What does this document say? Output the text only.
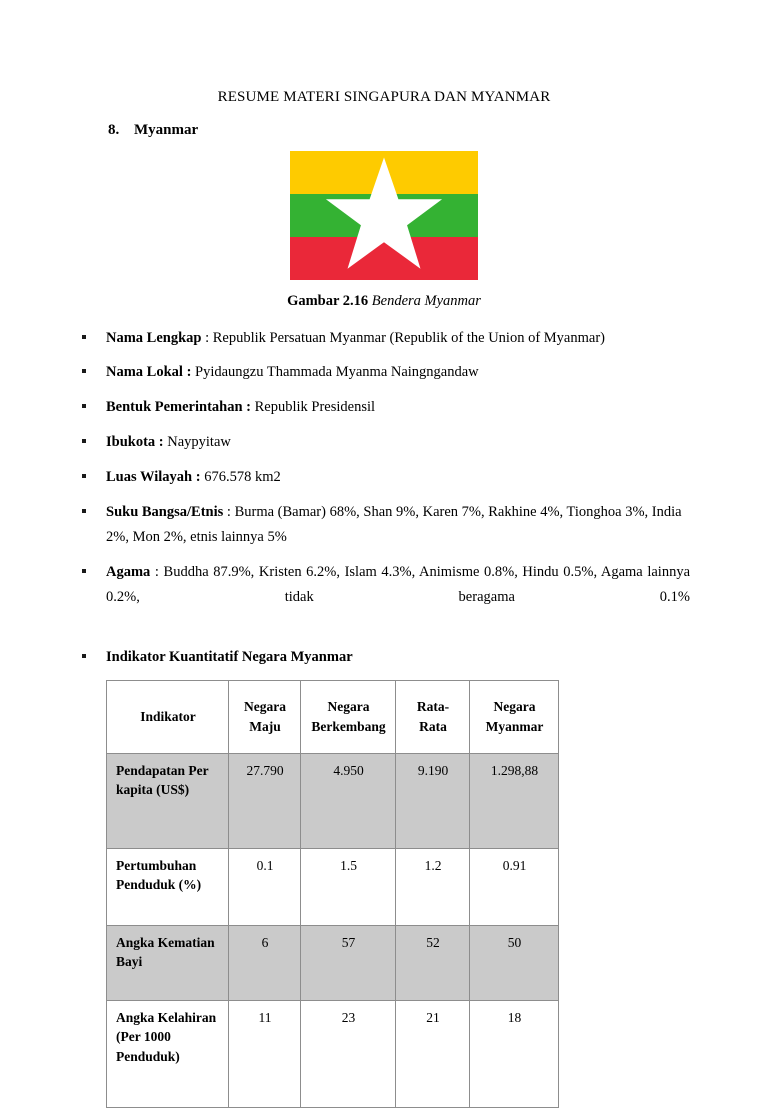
RESUME MATERI SINGAPURA DAN MYANMAR
8. Myanmar
Gambar 2.16 Bendera Myanmar
Nama Lengkap : Republik Persatuan Myanmar (Republik of the Union of Myanmar)
Nama Lokal : Pyidaungzu Thammada Myanma Naingngandaw
Bentuk Pemerintahan : Republik Presidensil
Ibukota : Naypyitaw
Luas Wilayah : 676.578 km2
Suku Bangsa/Etnis : Burma (Bamar) 68%, Shan 9%, Karen 7%, Rakhine 4%, Tionghoa 3%, India 2%, Mon 2%, etnis lainnya 5%
Agama : Buddha 87.9%, Kristen 6.2%, Islam 4.3%, Animisme 0.8%, Hindu 0.5%, Agama lainnya 0.2%, tidak beragama 0.1%
Indikator Kuantitatif Negara Myanmar
Indikator	Negara Maju	Negara Berkembang	Rata-Rata	Negara Myanmar
Pendapatan Per kapita (US$)	27.790	4.950	9.190	1.298,88
Pertumbuhan Penduduk (%)	0.1	1.5	1.2	0.91
Angka Kematian Bayi	6	57	52	50
Angka Kelahiran (Per 1000 Penduduk)	11	23	21	18
